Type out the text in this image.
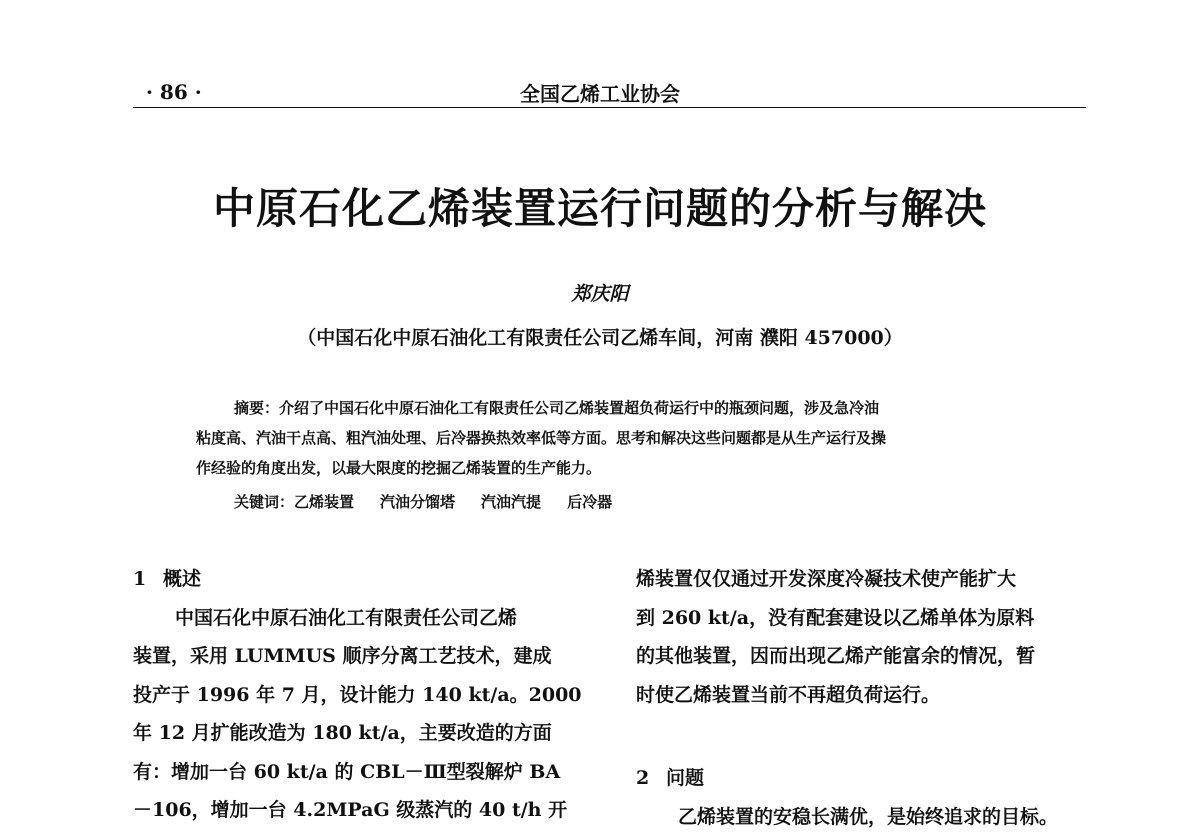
· 86 ·	全国乙烯工业协会
中原石化乙烯装置运行问题的分析与解决
郑庆阳
（中国石化中原石油化工有限责任公司乙烯车间，河南 濮阳 457000）
摘要：介绍了中国石化中原石油化工有限责任公司乙烯装置超负荷运行中的瓶颈问题，涉及急冷油
粘度高、汽油干点高、粗汽油处理、后冷器换热效率低等方面。思考和解决这些问题都是从生产运行及操
作经验的角度出发，以最大限度的挖掘乙烯装置的生产能力。
关键词：乙烯装置 汽油分馏塔 汽油汽提 后冷器
1 概述
中国石化中原石油化工有限责任公司乙烯
装置，采用 LUMMUS 顺序分离工艺技术，建成
投产于 1996 年 7 月，设计能力 140 kt/a。2000
年 12 月扩能改造为 180 kt/a，主要改造的方面
有：增加一台 60 kt/a 的 CBL－Ⅲ型裂解炉 BA
－106，增加一台 4.2MPaG 级蒸汽的 40 t/h 开
烯装置仅仅通过开发深度冷凝技术使产能扩大
到 260 kt/a，没有配套建设以乙烯单体为原料
的其他装置，因而出现乙烯产能富余的情况，暂
时使乙烯装置当前不再超负荷运行。
2 问题
乙烯装置的安稳长满优，是始终追求的目标。
